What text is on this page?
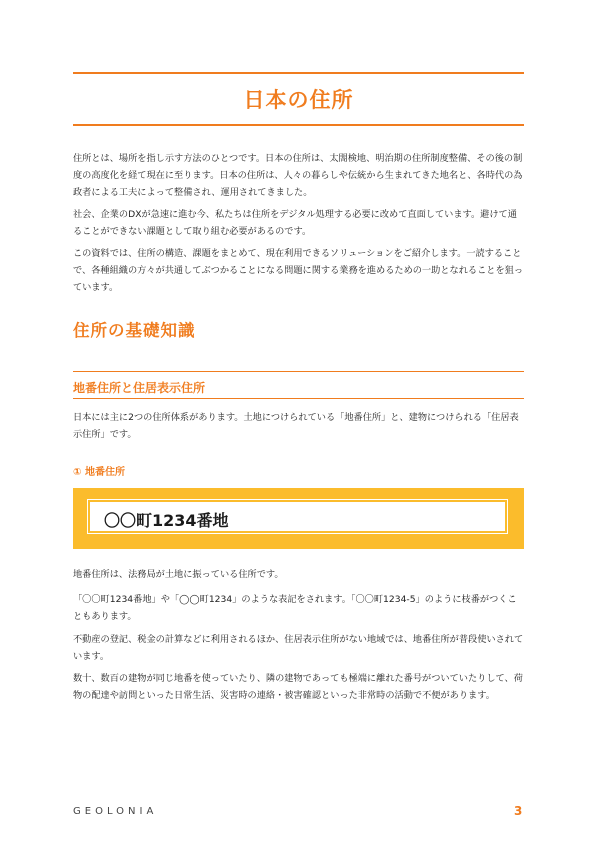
日本の住所

住所とは、場所を指し示す方法のひとつです。日本の住所は、太閤検地、明治期の住所制度整備、その後の制度の高度化を経て現在に至ります。日本の住所は、人々の暮らしや伝統から生まれてきた地名と、各時代の為政者による工夫によって整備され、運用されてきました。

社会、企業のDXが急速に進む今、私たちは住所をデジタル処理する必要に改めて直面しています。避けて通ることができない課題として取り組む必要があるのです。

この資料では、住所の構造、課題をまとめて、現在利用できるソリューションをご紹介します。一読することで、各種組織の方々が共通してぶつかることになる問題に関する業務を進めるための一助となれることを狙っています。

住所の基礎知識
地番住所と住居表示住所

日本には主に2つの住所体系があります。土地につけられている「地番住所」と、建物につけられる「住居表示住所」です。

① 地番住所
〇〇町1234番地

地番住所は、法務局が土地に振っている住所です。

「〇〇町1234番地」や「◯◯町1234」のような表記をされます。「〇〇町1234-5」のように枝番がつくこともあります。

不動産の登記、税金の計算などに利用されるほか、住居表示住所がない地域では、地番住所が普段使いされています。

数十、数百の建物が同じ地番を使っていたり、隣の建物であっても極端に離れた番号がついていたりして、荷物の配達や訪問といった日常生活、災害時の連絡・被害確認といった非常時の活動で不便があります。

GEOLONIA	3
